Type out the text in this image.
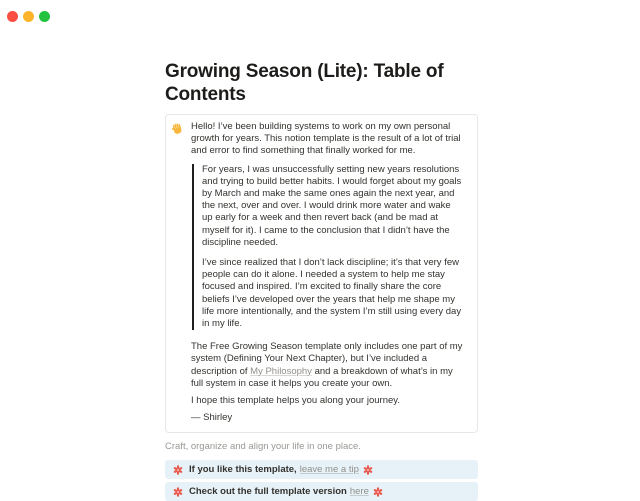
Growing Season (Lite): Table of Contents

Hello! I’ve been building systems to work on my own personal growth for years. This notion template is the result of a lot of trial and error to find something that finally worked for me.

For years, I was unsuccessfully setting new years resolutions and trying to build better habits. I would forget about my goals by March and make the same ones again the next year, and the next, over and over. I would drink more water and wake up early for a week and then revert back (and be mad at myself for it). I came to the conclusion that I didn’t have the discipline needed.

I’ve since realized that I don’t lack discipline; it’s that very few people can do it alone. I needed a system to help me stay focused and inspired. I’m excited to finally share the core beliefs I’ve developed over the years that help me shape my life more intentionally, and the system I’m still using every day in my life.

The Free Growing Season template only includes one part of my system (Defining Your Next Chapter), but I’ve included a description of My Philosophy and a breakdown of what’s in my full system in case it helps you create your own.

I hope this template helps you along your journey.

— Shirley

Craft, organize and align your life in one place.

If you like this template, leave me a tip
Check out the full template version here
